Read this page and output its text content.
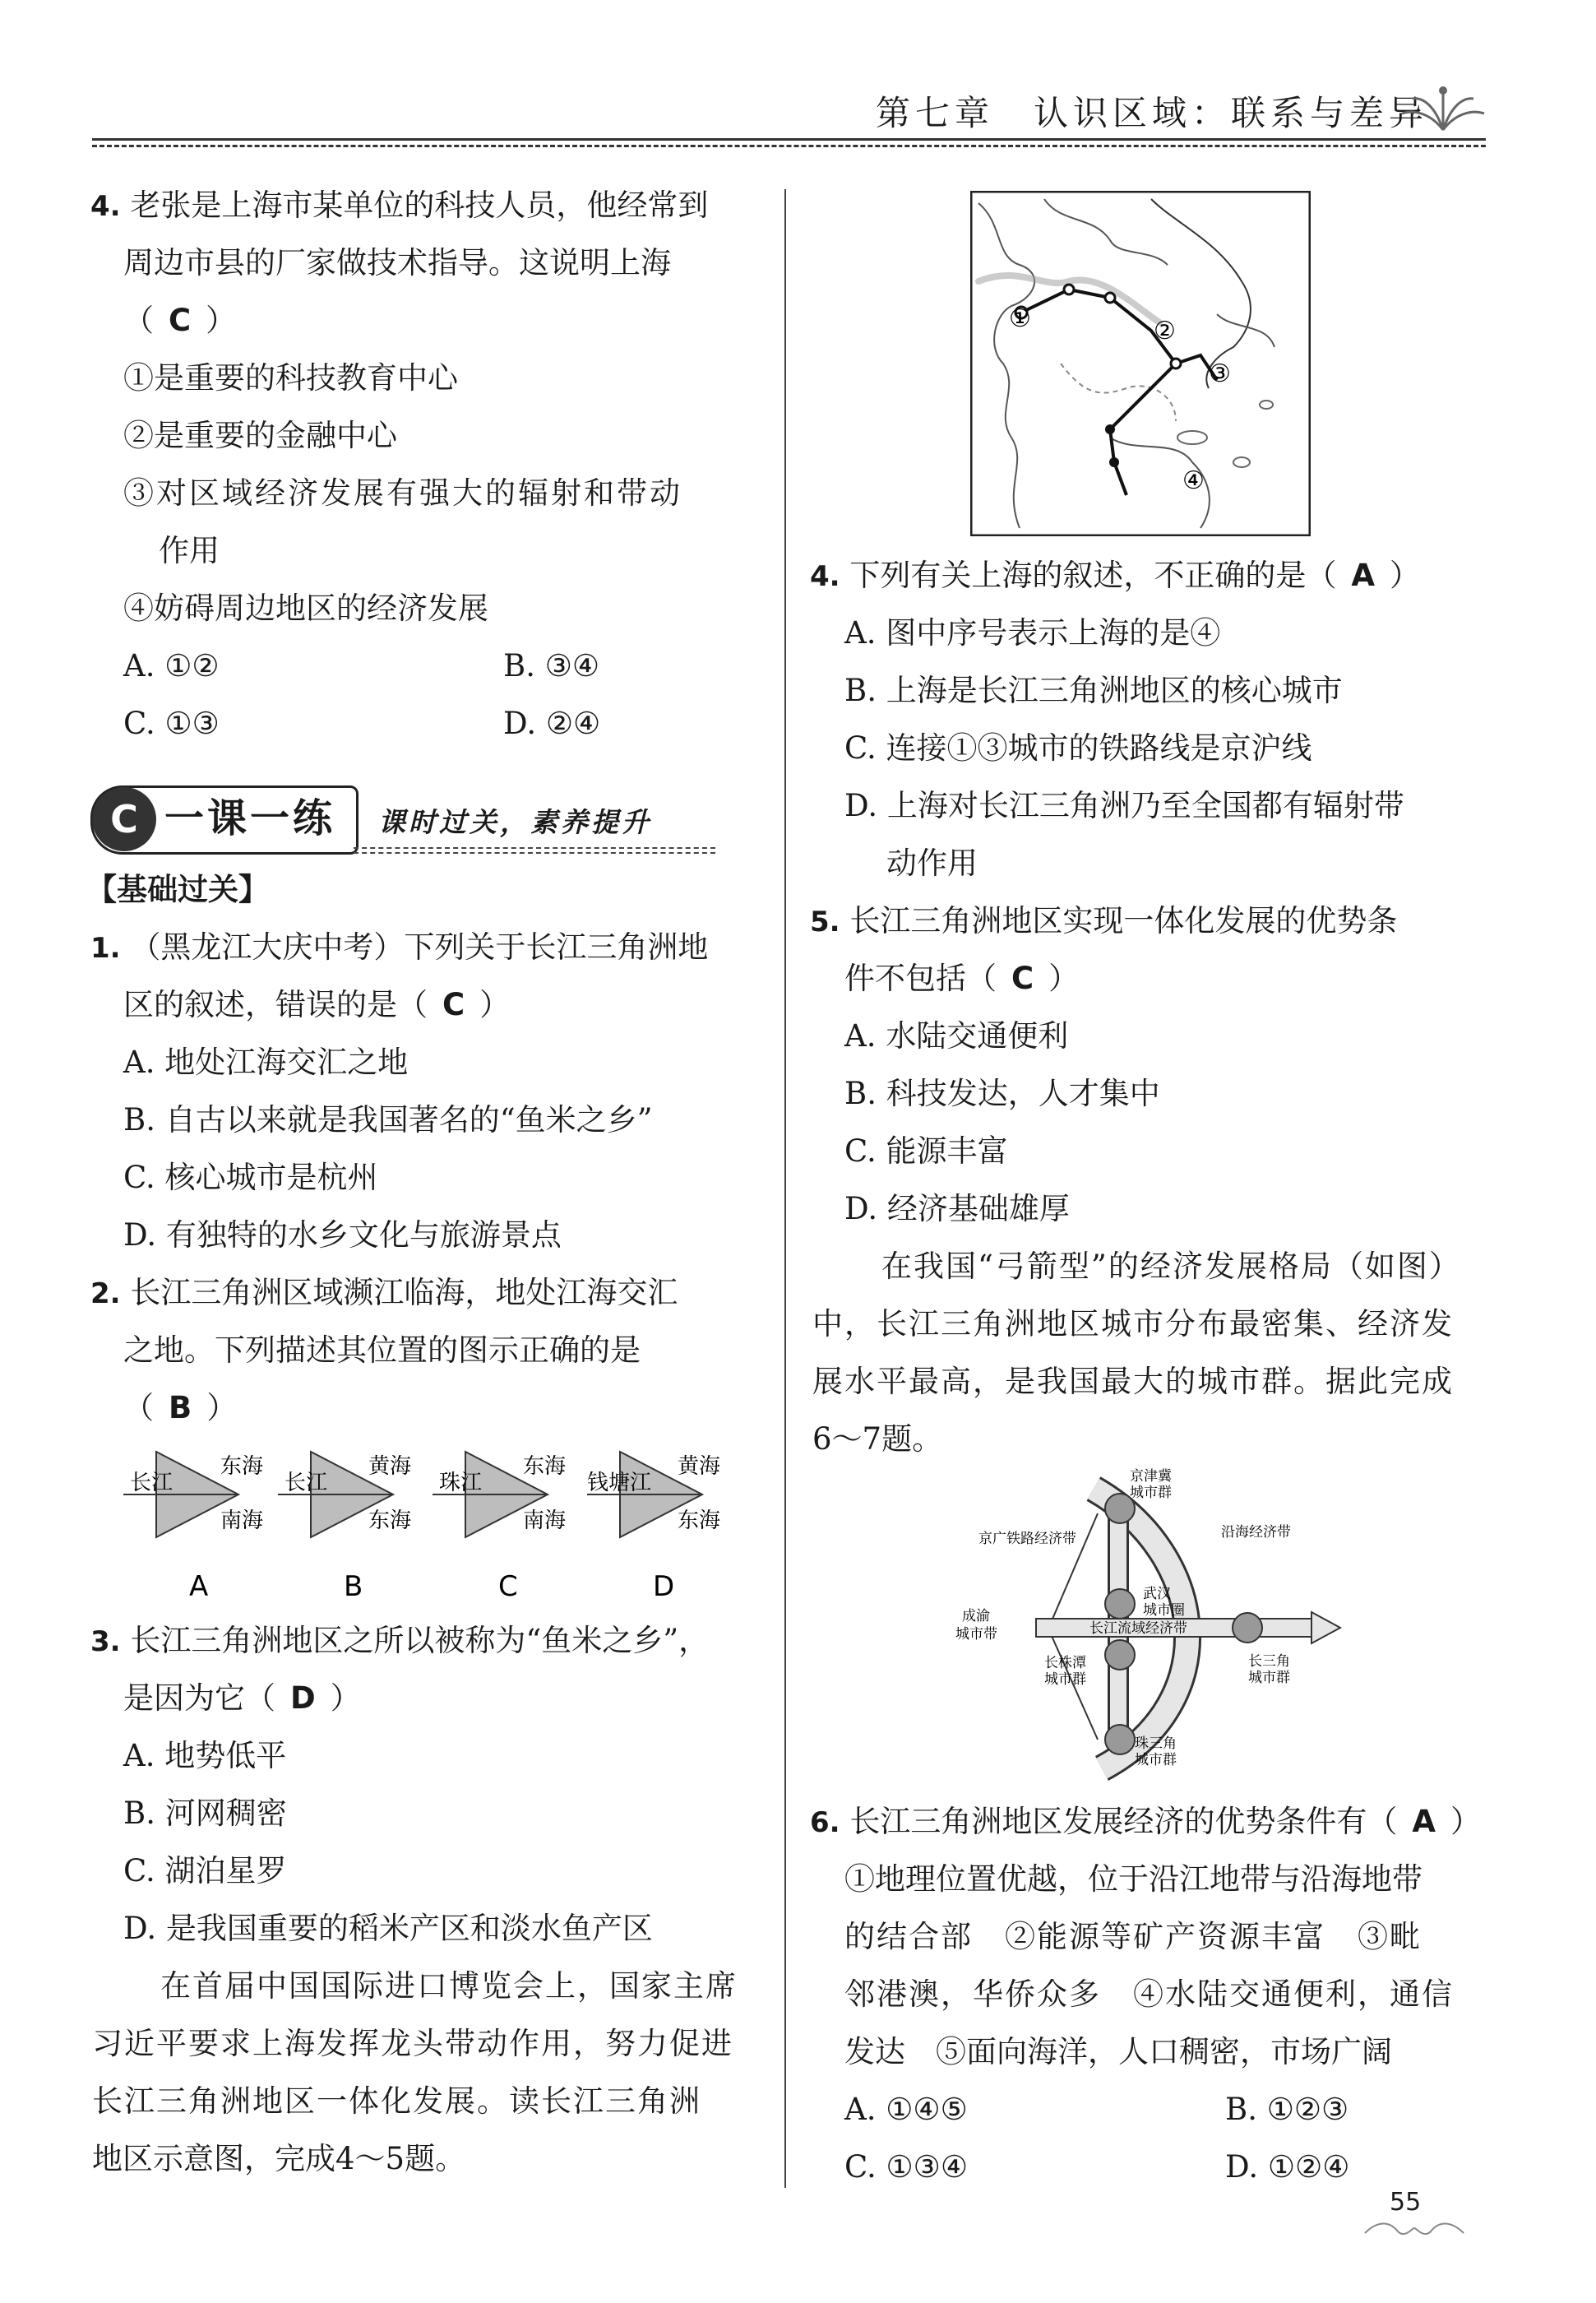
第七章　认识区域：联系与差异
4. 老张是上海市某单位的科技人员，他经常到
周边市县的厂家做技术指导。这说明上海
（ C ）
①是重要的科技教育中心
②是重要的金融中心
③对区域经济发展有强大的辐射和带动
作用
④妨碍周边地区的经济发展
A. ①②	B. ③④
C. ①③	D. ②④
C 一课一练 课时过关，素养提升
【基础过关】
1. （黑龙江大庆中考）下列关于长江三角洲地
区的叙述，错误的是（ C ）
A. 地处江海交汇之地
B. 自古以来就是我国著名的“鱼米之乡”
C. 核心城市是杭州
D. 有独特的水乡文化与旅游景点
2. 长江三角洲区域濒江临海，地处江海交汇
之地。下列描述其位置的图示正确的是
（ B ）
长江
东海
南海
A
长江
黄海
东海
B
珠江
东海
南海
C
钱塘江
黄海
东海
D
3. 长江三角洲地区之所以被称为“鱼米之乡”，
是因为它（ D ）
A. 地势低平
B. 河网稠密
C. 湖泊星罗
D. 是我国重要的稻米产区和淡水鱼产区
在首届中国国际进口博览会上，国家主席
习近平要求上海发挥龙头带动作用，努力促进
长江三角洲地区一体化发展。读长江三角洲
地区示意图，完成4～5题。
①	②
③
④
4. 下列有关上海的叙述，不正确的是（ A ）
A. 图中序号表示上海的是④
B. 上海是长江三角洲地区的核心城市
C. 连接①③城市的铁路线是京沪线
D. 上海对长江三角洲乃至全国都有辐射带
动作用
5. 长江三角洲地区实现一体化发展的优势条
件不包括（ C ）
A. 水陆交通便利
B. 科技发达，人才集中
C. 能源丰富
D. 经济基础雄厚
在我国“弓箭型”的经济发展格局（如图）
中，长江三角洲地区城市分布最密集、经济发
展水平最高，是我国最大的城市群。据此完成
6～7题。
京津冀
城市群
京广铁路经济带	沿海经济带
武汉
城市圈
成渝
城市带	长江流域经济带
长株潭
城市群
长三角
城市群
珠三角
城市群
6. 长江三角洲地区发展经济的优势条件有（ A ）
①地理位置优越，位于沿江地带与沿海地带
的结合部　②能源等矿产资源丰富　③毗
邻港澳，华侨众多　④水陆交通便利，通信
发达　⑤面向海洋，人口稠密，市场广阔
A. ①④⑤	B. ①②③
C. ①③④	D. ①②④
55
